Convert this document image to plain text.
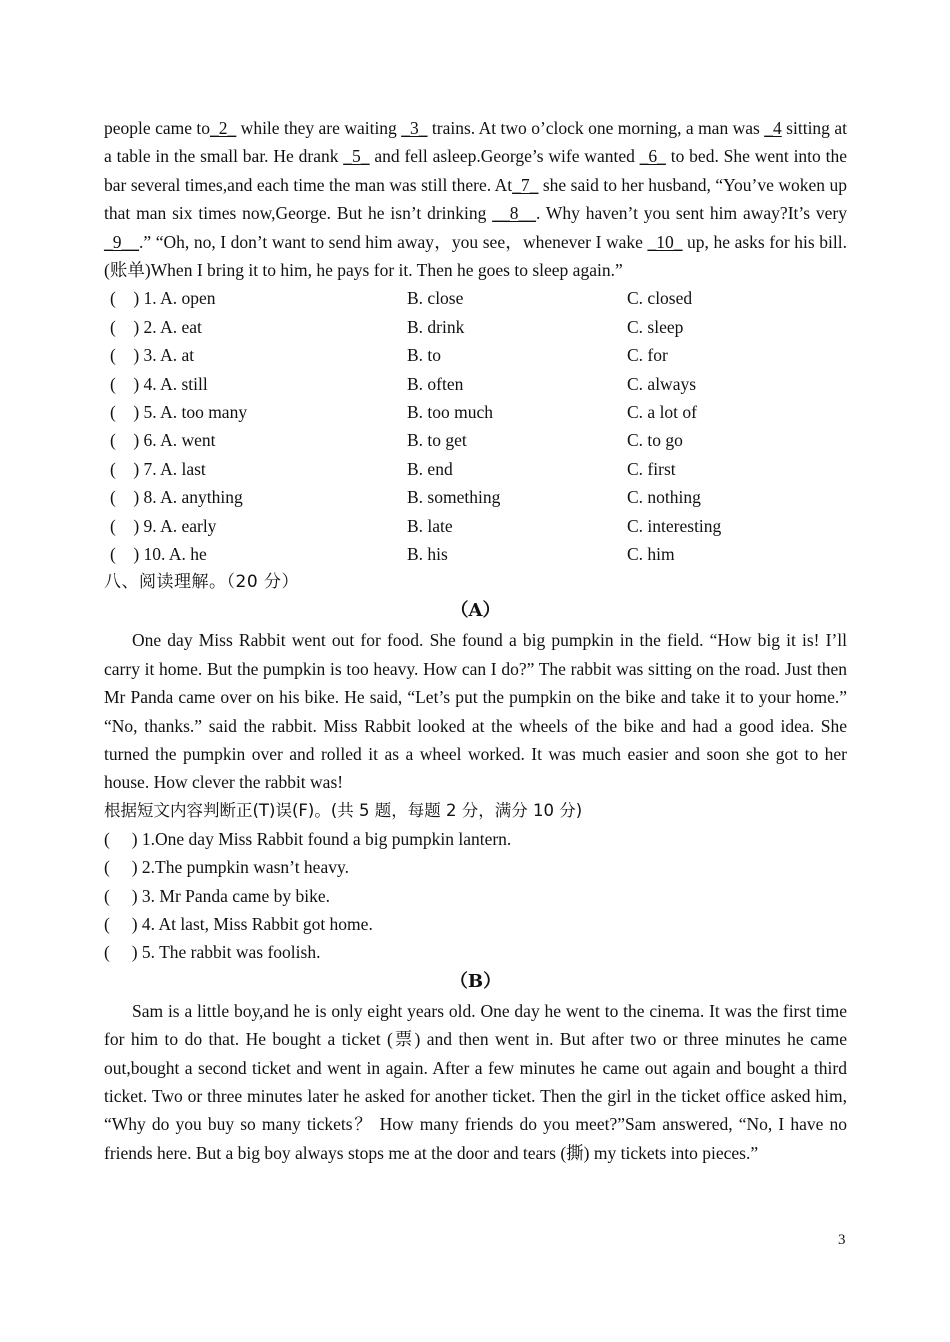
people came to_2_ while they are waiting _3_ trains. At two o’clock one morning, a man was _4 sitting at a table in the small bar. He drank _5_ and fell asleep.George’s wife wanted _6_ to bed. She went into the bar several times,and each time the man was still there. At_7_ she said to her husband, “You’ve woken up that man six times now,George. But he isn’t drinking __8__. Why haven’t you sent him away?It’s very _9__.” “Oh, no, I don’t want to send him away，you see，whenever I wake _10_ up, he asks for his bill.(账单)When I bring it to him, he pays for it. Then he goes to sleep again.”

(    ) 1. A. open	B. close	C. closed
(    ) 2. A. eat	B. drink	C. sleep
(    ) 3. A. at	B. to	C. for
(    ) 4. A. still	B. often	C. always
(    ) 5. A. too many	B. too much	C. a lot of
(    ) 6. A. went	B. to get	C. to go
(    ) 7. A. last	B. end	C. first
(    ) 8. A. anything	B. something	C. nothing
(    ) 9. A. early	B. late	C. interesting
(    ) 10. A. he	B. his	C. him
八、阅读理解。（20 分）
（A）

One day Miss Rabbit went out for food. She found a big pumpkin in the field. “How big it is! I’ll carry it home. But the pumpkin is too heavy. How can I do?” The rabbit was sitting on the road. Just then Mr Panda came over on his bike. He said, “Let’s put the pumpkin on the bike and take it to your home.” “No, thanks.” said the rabbit. Miss Rabbit looked at the wheels of the bike and had a good idea. She turned the pumpkin over and rolled it as a wheel worked. It was much easier and soon she got to her house. How clever the rabbit was!

根据短文内容判断正(T)误(F)。(共 5 题，每题 2 分，满分 10 分)
(     ) 1.One day Miss Rabbit found a big pumpkin lantern.
(     ) 2.The pumpkin wasn’t heavy.
(     ) 3. Mr Panda came by bike.
(     ) 4. At last, Miss Rabbit got home.
(     ) 5. The rabbit was foolish.
（B）

Sam is a little boy,and he is only eight years old. One day he went to the cinema. It was the first time for him to do that. He bought a ticket (票) and then went in. But after two or three minutes he came out,bought a second ticket and went in again. After a few minutes he came out again and bought a third ticket. Two or three minutes later he asked for another ticket. Then the girl in the ticket office asked him, “Why do you buy so many tickets？ How many friends do you meet?”Sam answered, “No, I have no friends here. But a big boy always stops me at the door and tears (撕) my tickets into pieces.”

3
